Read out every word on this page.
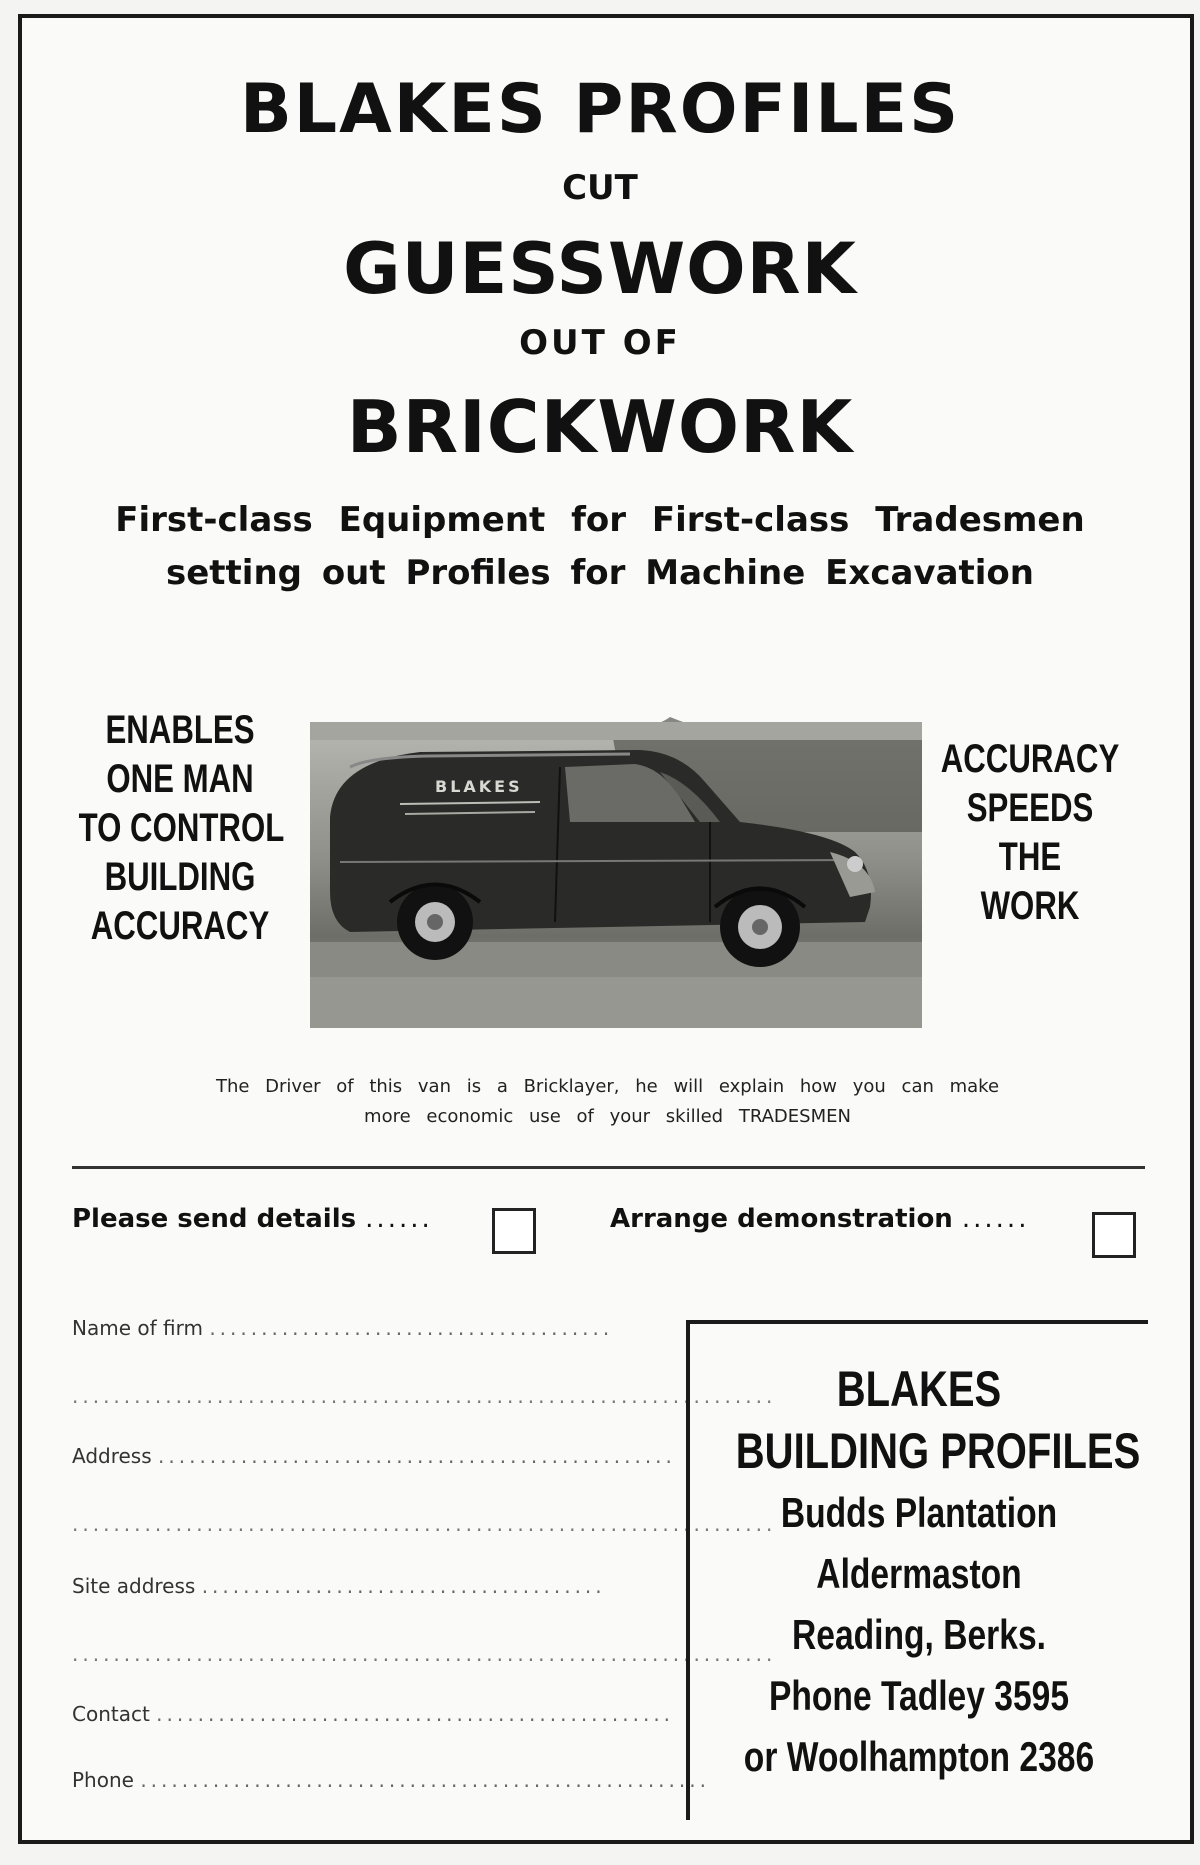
BLAKES PROFILES
CUT
GUESSWORK
OUT OF
BRICKWORK
First-class Equipment for First-class Tradesmen
setting out Profiles for Machine Excavation
ENABLES
ONE MAN
TO CONTROL
BUILDING
ACCURACY
BLAKES
ACCURACY
SPEEDS
THE
WORK
The Driver of this van is a Bricklayer, he will explain how you can make
more economic use of your skilled TRADESMEN
Please send details ......	Arrange demonstration ......
Name of firm .......................................
....................................................................
Address ..................................................
....................................................................
Site address .......................................
....................................................................
Contact ..................................................
Phone .......................................................
BLAKES
BUILDING PROFILES
Budds Plantation
Aldermaston
Reading, Berks.
Phone Tadley 3595
or Woolhampton 2386
